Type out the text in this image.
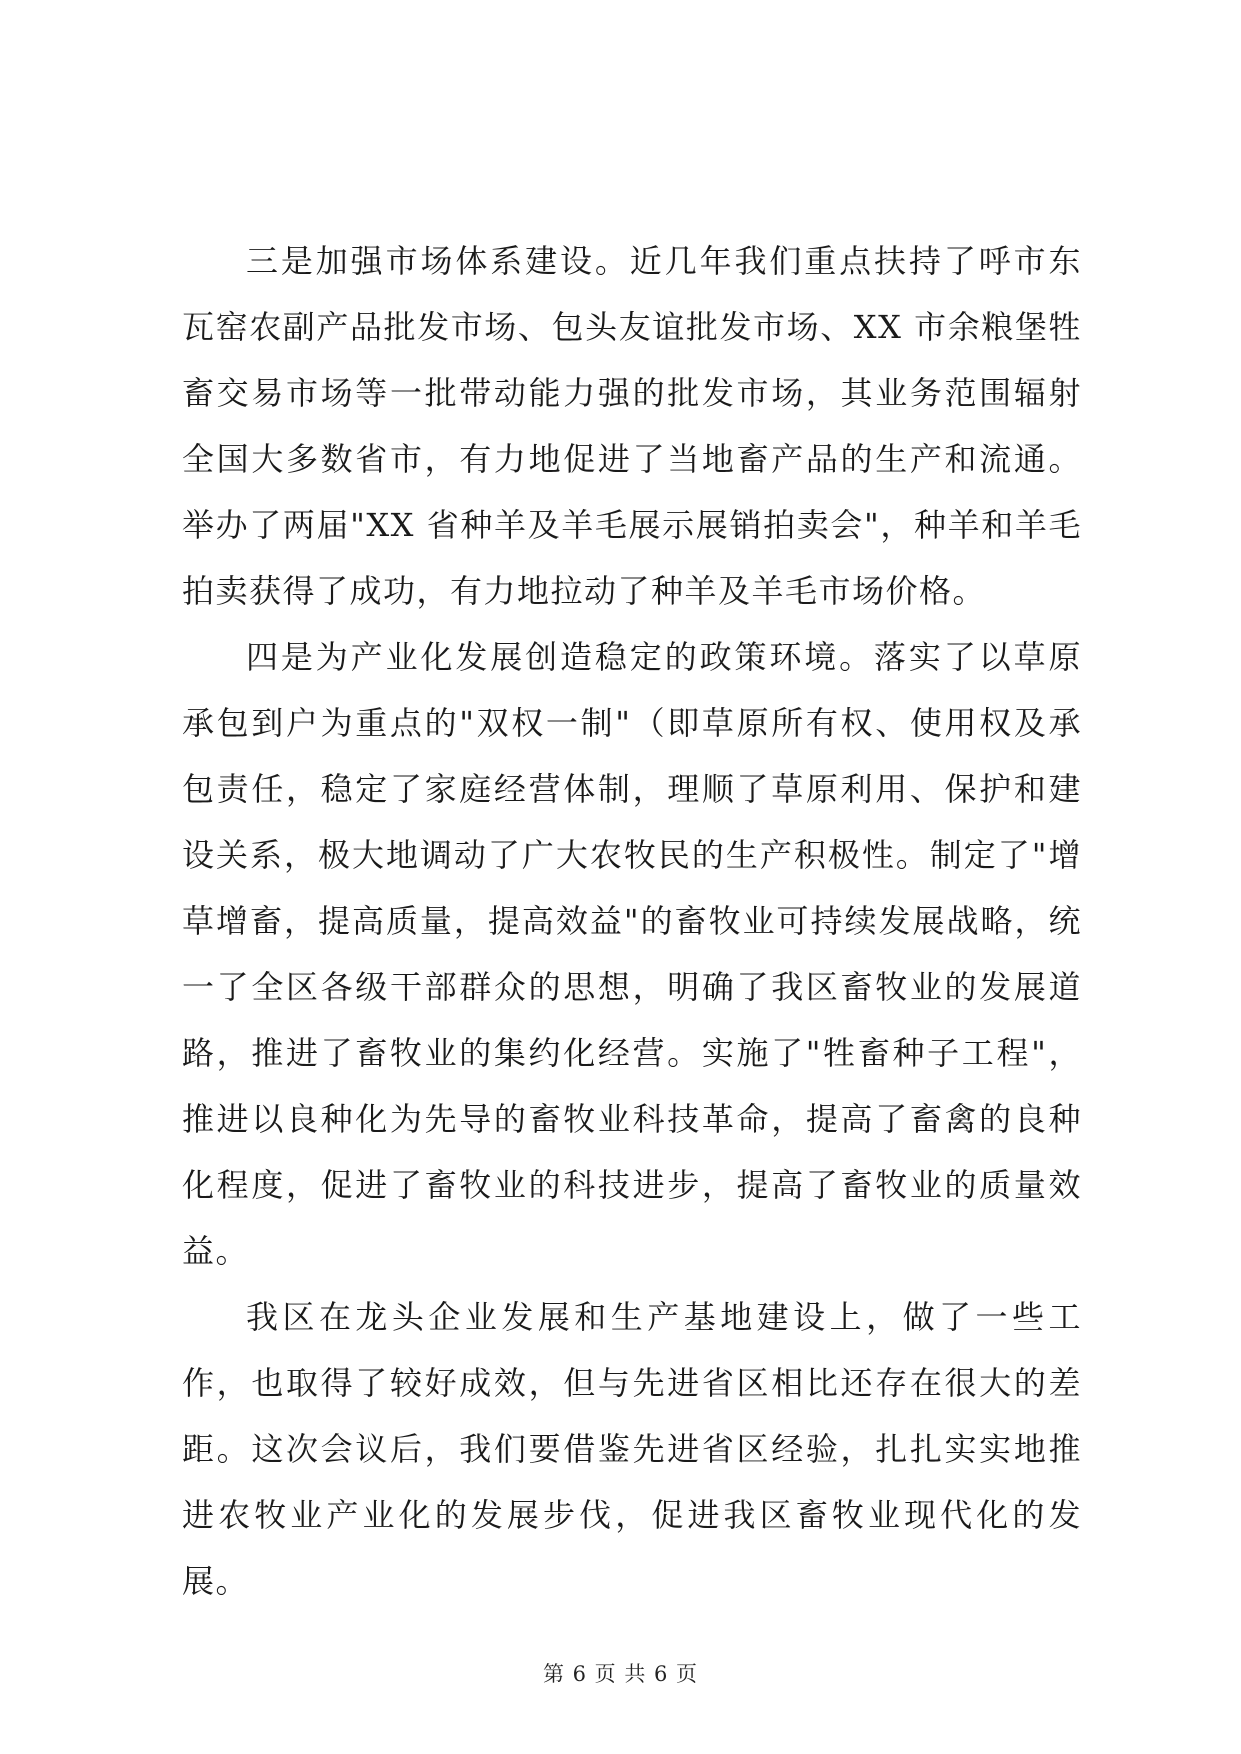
三是加强市场体系建设。近几年我们重点扶持了呼市东瓦窑农副产品批发市场、包头友谊批发市场、XX 市余粮堡牲畜交易市场等一批带动能力强的批发市场，其业务范围辐射全国大多数省市，有力地促进了当地畜产品的生产和流通。举办了两届"XX 省种羊及羊毛展示展销拍卖会"，种羊和羊毛拍卖获得了成功，有力地拉动了种羊及羊毛市场价格。

四是为产业化发展创造稳定的政策环境。落实了以草原承包到户为重点的"双权一制"（即草原所有权、使用权及承包责任，稳定了家庭经营体制，理顺了草原利用、保护和建设关系，极大地调动了广大农牧民的生产积极性。制定了"增草增畜，提高质量，提高效益"的畜牧业可持续发展战略，统一了全区各级干部群众的思想，明确了我区畜牧业的发展道路，推进了畜牧业的集约化经营。实施了"牲畜种子工程"，推进以良种化为先导的畜牧业科技革命，提高了畜禽的良种化程度，促进了畜牧业的科技进步，提高了畜牧业的质量效益。

我区在龙头企业发展和生产基地建设上，做了一些工作，也取得了较好成效，但与先进省区相比还存在很大的差距。这次会议后，我们要借鉴先进省区经验，扎扎实实地推进农牧业产业化的发展步伐，促进我区畜牧业现代化的发展。

第 6 页 共 6 页
